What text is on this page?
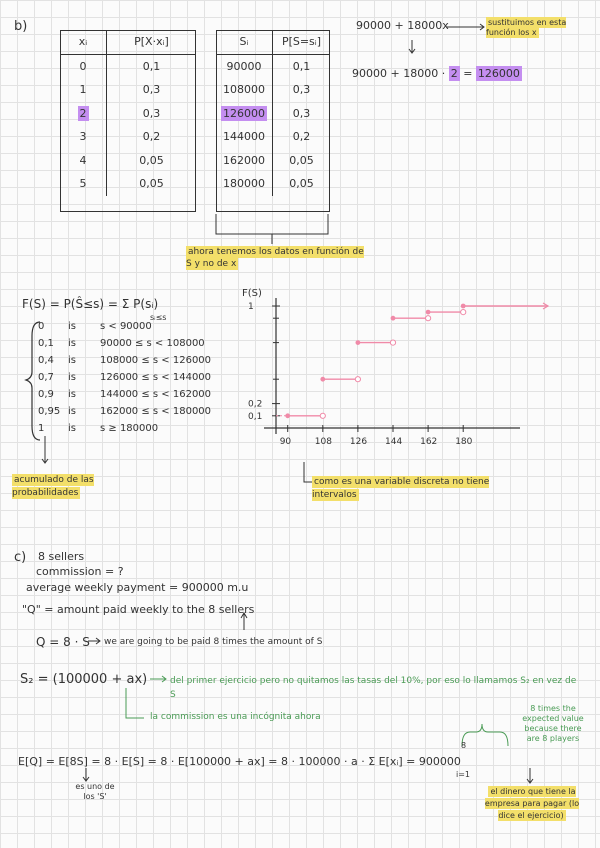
b)
xᵢ	P[X·xᵢ]
0	0,1
1	0,3
2	0,3
3	0,2
4	0,05
5	0,05
Sᵢ	P[S=sᵢ]
90000	0,1
108000	0,3
126000	0,3
144000	0,2
162000	0,05
180000	0,05
ahora tenemos los datos en función de S y no de x
90000 + 18000x	sustituimos en esta función los x
90000 + 18000 · 2 = 126000
F(S) = P(Ŝ≤s) = Σ P(sᵢ)
sᵢ≤s
0 is s < 90000
0,1 is 90000 ≤ s < 108000
0,4 is 108000 ≤ s < 126000
0,7 is 126000 ≤ s < 144000
0,9 is 144000 ≤ s < 162000
0,95 is 162000 ≤ s < 180000
1 is s ≥ 180000
acumulado de las probabilidades
F(S)
0,1
0,2
1
90	108 126 144 162 180
como es una variable discreta no tiene intervalos
c) 8 sellers
commission = ?
average weekly payment = 900000 m.u
"Q" = amount paid weekly to the 8 sellers
Q = 8 · S we are going to be paid 8 times the amount of S
S₂ = (100000 + ax)	del primer ejercicio pero no quitamos las tasas del 10%, por eso lo llamamos S₂ en vez de S
la commission es una incógnita ahora
E[Q] = E[8S] = 8 · E[S] = 8 · E[100000 + ax] = 8 · 100000 · a · Σ E[xᵢ] = 900000
8
i=1
es uno de los 'S'
8 times the expected value because there are 8 players
el dinero que tiene la empresa para pagar (lo dice el ejercicio)
